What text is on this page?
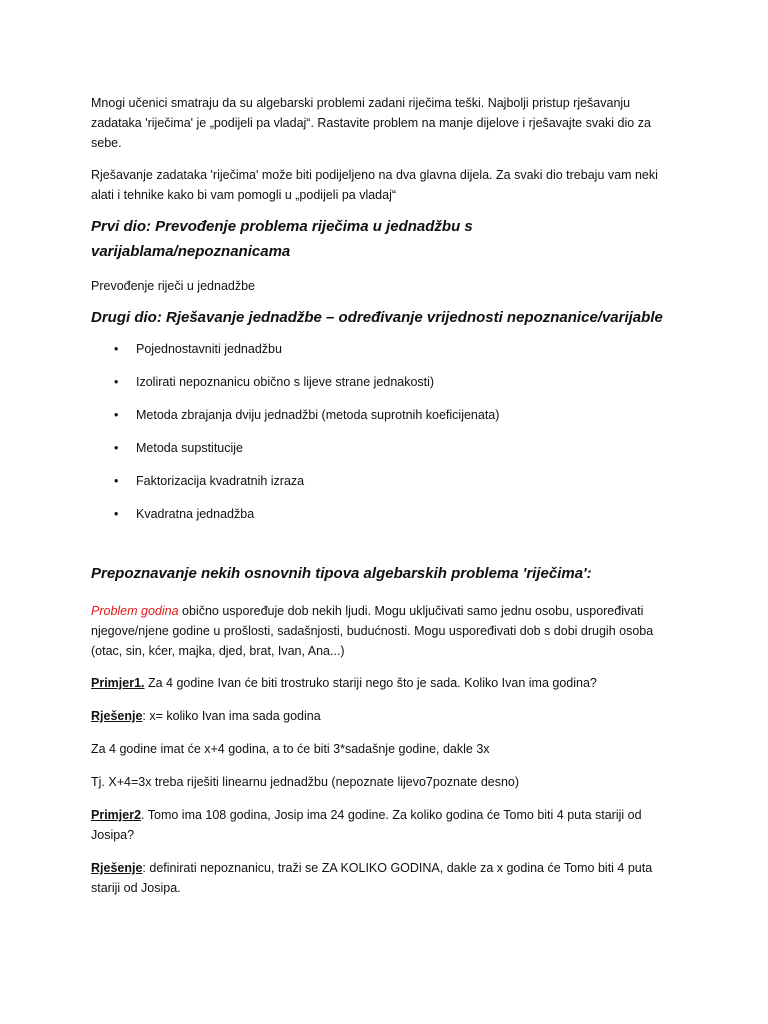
Mnogi učenici smatraju da su algebarski problemi zadani riječima teški. Najbolji pristup rješavanju zadataka 'riječima' je „podijeli pa vladaj“. Rastavite problem na manje dijelove i rješavajte svaki dio za sebe.

Rješavanje zadataka 'riječima' može biti podijeljeno na dva glavna dijela. Za svaki dio trebaju vam neki alati i tehnike kako bi vam pomogli u „podijeli pa vladaj“

Prvi dio: Prevođenje problema riječima u jednadžbu s varijablama/nepoznanicama

Prevođenje riječi u jednadžbe

Drugi dio: Rješavanje jednadžbe – određivanje vrijednosti nepoznanice/varijable
• Pojednostavniti jednadžbu
• Izolirati nepoznanicu obično s lijeve strane jednakosti)
• Metoda zbrajanja dviju jednadžbi (metoda suprotnih koeficijenata)
• Metoda supstitucije
• Faktorizacija kvadratnih izraza
• Kvadratna jednadžba
Prepoznavanje nekih osnovnih tipova algebarskih problema 'riječima':

Problem godina obično uspoređuje dob nekih ljudi. Mogu uključivati samo jednu osobu, uspoređivati njegove/njene godine u prošlosti, sadašnjosti, budućnosti. Mogu uspoređivati dob s dobi drugih osoba (otac, sin, kćer, majka, djed, brat, Ivan, Ana...)

Primjer1. Za 4 godine Ivan će biti trostruko stariji nego što je sada. Koliko Ivan ima godina?

Rješenje: x= koliko Ivan ima sada godina

Za 4 godine imat će x+4 godina, a to će biti 3*sadašnje godine, dakle 3x

Tj. X+4=3x treba riješiti linearnu jednadžbu (nepoznate lijevo7poznate desno)

Primjer2. Tomo ima 108 godina, Josip ima 24 godine. Za koliko godina će Tomo biti 4 puta stariji od Josipa?

Rješenje: definirati nepoznanicu, traži se ZA KOLIKO GODINA, dakle za x godina će Tomo biti 4 puta stariji od Josipa.
